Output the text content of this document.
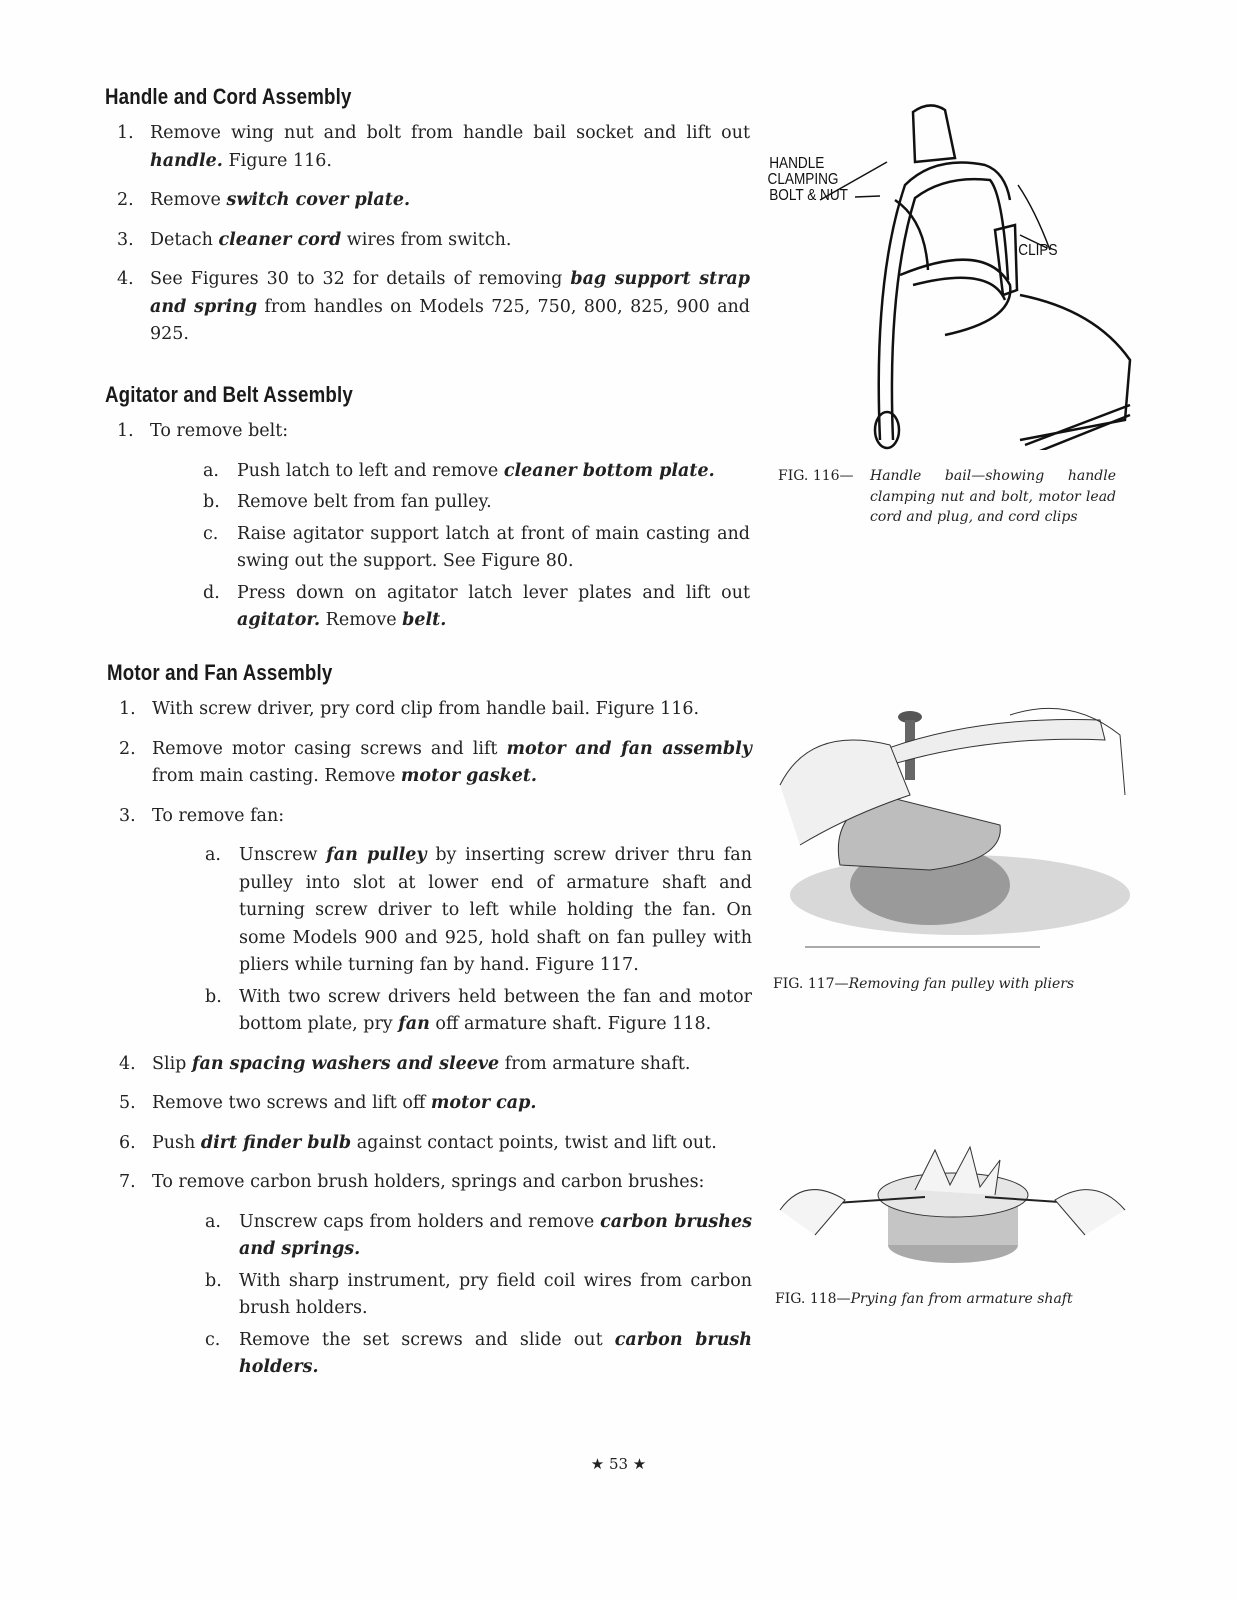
Handle and Cord Assembly
1. Remove wing nut and bolt from handle bail socket and lift out handle. Figure 116.
2. Remove switch cover plate.
3. Detach cleaner cord wires from switch.
4. See Figures 30 to 32 for details of removing bag support strap and spring from handles on Models 725, 750, 800, 825, 900 and 925.
Agitator and Belt Assembly
1. To remove belt:
a. Push latch to left and remove cleaner bottom plate.
b. Remove belt from fan pulley.
c. Raise agitator support latch at front of main casting and swing out the support. See Figure 80.
d. Press down on agitator latch lever plates and lift out agitator. Remove belt.
Motor and Fan Assembly
1. With screw driver, pry cord clip from handle bail. Figure 116.
2. Remove motor casing screws and lift motor and fan assembly from main casting. Remove motor gasket.
3. To remove fan:
a. Unscrew fan pulley by inserting screw driver thru fan pulley into slot at lower end of armature shaft and turning screw driver to left while holding the fan. On some Models 900 and 925, hold shaft on fan pulley with pliers while turning fan by hand. Figure 117.
b. With two screw drivers held between the fan and motor bottom plate, pry fan off armature shaft. Figure 118.
4. Slip fan spacing washers and sleeve from armature shaft.
5. Remove two screws and lift off motor cap.
6. Push dirt finder bulb against contact points, twist and lift out.
7. To remove carbon brush holders, springs and carbon brushes:
a. Unscrew caps from holders and remove carbon brushes and springs.
b. With sharp instrument, pry field coil wires from carbon brush holders.
c. Remove the set screws and slide out carbon brush holders.
HANDLE
CLAMPING
BOLT & NUT
CLIPS
FIG. 116—	Handle bail—showing handle clamping nut and bolt, motor lead cord and plug, and cord clips
FIG. 117—Removing fan pulley with pliers
FIG. 118—Prying fan from armature shaft
★ 53 ★
